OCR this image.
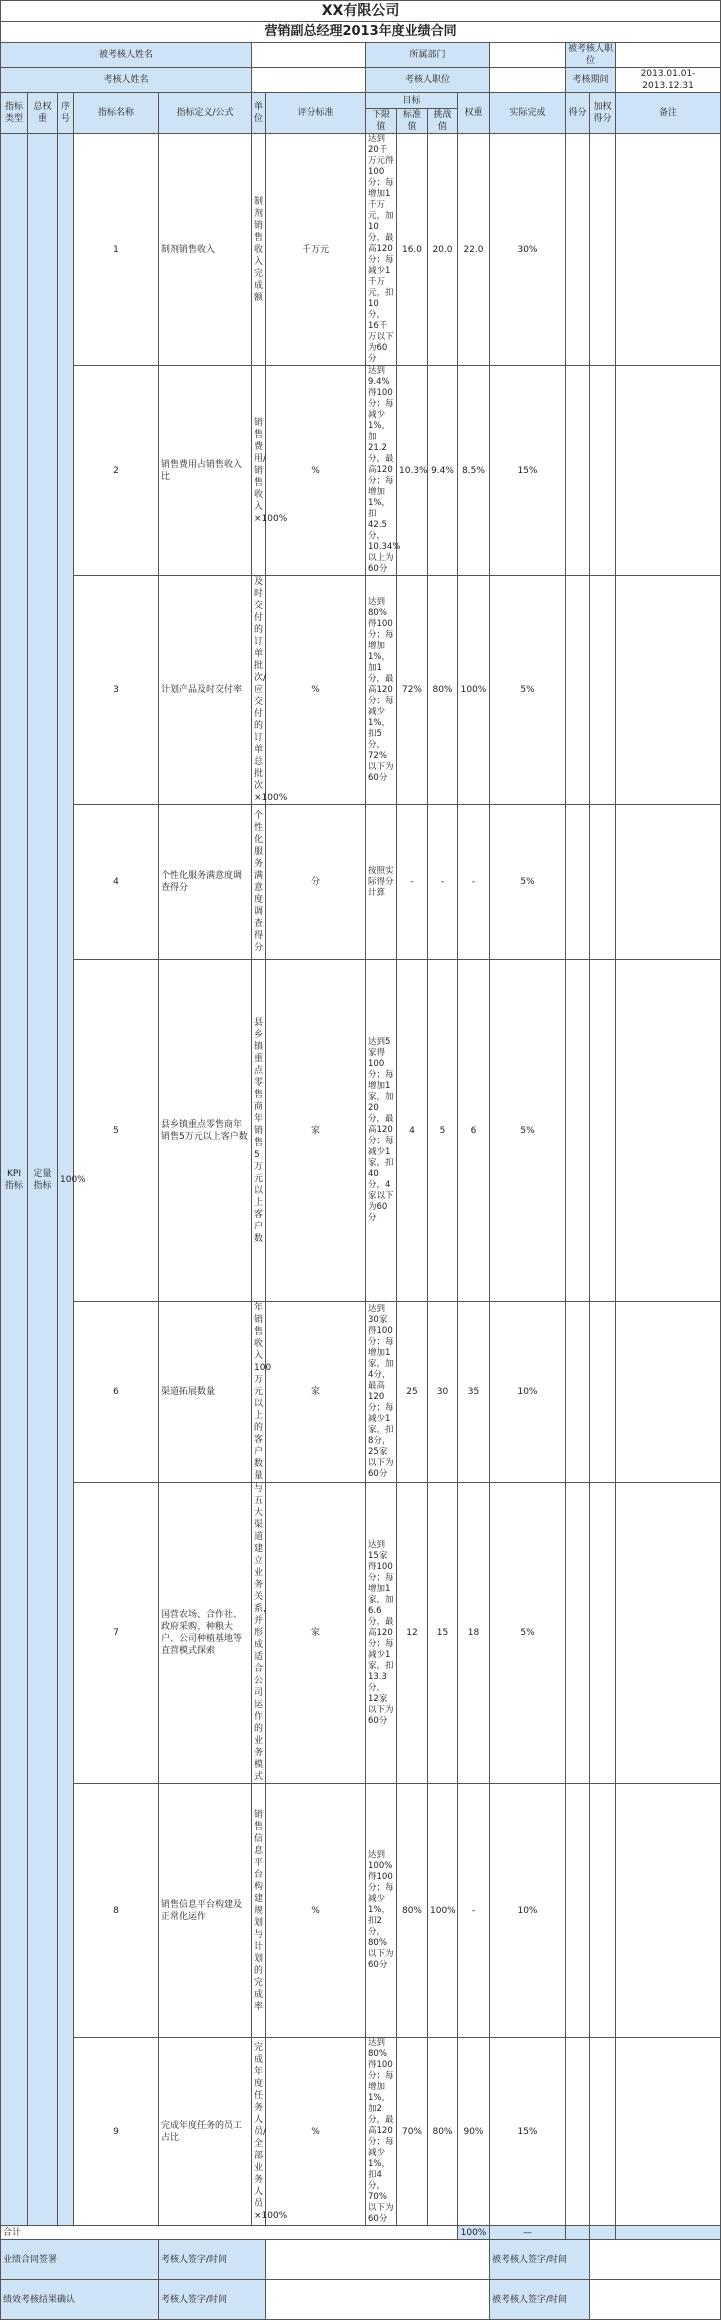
XX有限公司															
营销副总经理2013年度业绩合同															
被考核人姓名							所属部门					被考核人职位			
考核人姓名							考核人职位					考核期间		2013.01.01-2013.12.31	
指标类型	总权重	序号	指标名称	指标定义/公式	单位	评分标准	目标			权重	实际完成	得分	加权得分	备注	
							下限值	标准值	挑战值						
KPI指标	定量指标	100%	1	制剂销售收入	制剂销售收入完成额	千万元	达到20千万元得100分；每增加1千万元，加10分，最高120分；每减少1千万元，扣10分，16千万以下为60分	16.0	20.0	22.0	30%				
			2	销售费用占销售收入比	销售费用/销售收入×100%	%	达到9.4%得100分；每减少1%，加21.2分，最高120分；每增加1%，扣42.5分，10.34%以上为60分	10.3%	9.4%	8.5%	15%				
			3	计划产品及时交付率	及时交付的订单批次/应交付的订单总批次×100%	%	达到80%得100分；每增加1%，加1分，最高120分；每减少1%，扣5分，72%以下为60分	72%	80%	100%	5%				
			4	个性化服务满意度调查得分	个性化服务满意度调查得分	分	按照实际得分计算	-	-	-	5%				
			5	县乡镇重点零售商年销售5万元以上客户数	县乡镇重点零售商年销售5万元以上客户数	家	达到5家得100分；每增加1家，加20分，最高120分；每减少1家，扣40分，4家以下为60分	4	5	6	5%				
			6	渠道拓展数量	年销售收入100万元以上的客户数量	家	达到30家得100分；每增加1家，加4分，最高120分；每减少1家，扣8分，25家以下为60分	25	30	35	10%				
			7	国营农场、合作社、政府采购、种粮大户、公司种植基地等直营模式探索	与五大渠道建立业务关系，并形成适合公司运作的业务模式	家	达到15家得100分；每增加1家，加6.6分，最高120分；每减少1家，扣13.3分，12家以下为60分	12	15	18	5%				
			8	销售信息平台构建及正常化运作	销售信息平台构建规划与计划的完成率	%	达到100%得100分；每减少1%，扣2分，80%以下为60分	80%	100%	-	10%				
			9	完成年度任务的员工占比	完成年度任务人员/全部业务人员×100%	%	达到80%得100分；每增加1%，加2分，最高120分；每减少1%，扣4分，70%以下为60分	70%	80%	90%	15%				
合计										100%	—				
业绩合同签署				考核人签字/时间							被考核人签字/时间				
绩效考核结果确认				考核人签字/时间							被考核人签字/时间				
